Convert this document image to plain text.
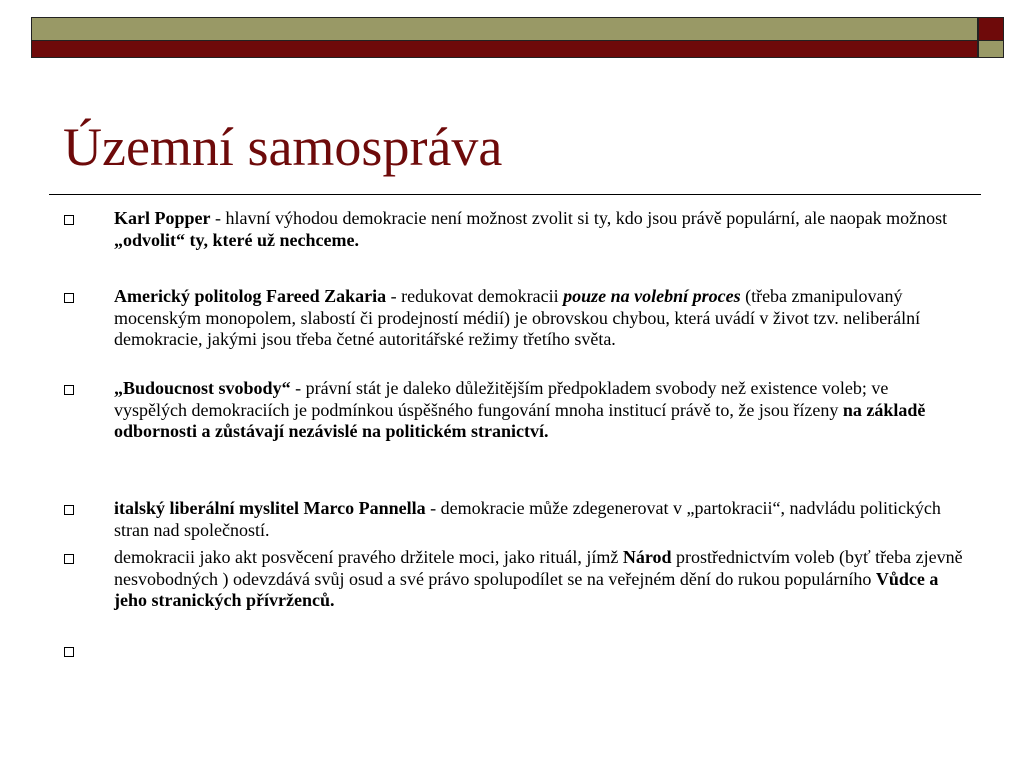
Územní samospráva
Karl Popper - hlavní výhodou demokracie není možnost zvolit si ty, kdo jsou právě populární, ale naopak možnost „odvolit“ ty, které už nechceme.
Americký politolog Fareed Zakaria - redukovat demokracii pouze na volební proces (třeba zmanipulovaný mocenským monopolem, slabostí či prodejností médií) je obrovskou chybou, která uvádí v život tzv. neliberální demokracie, jakými jsou třeba četné autoritářské režimy třetího světa.
„Budoucnost svobody“ - právní stát je daleko důležitějším předpokladem svobody než existence voleb; ve vyspělých demokraciích je podmínkou úspěšného fungování mnoha institucí právě to, že jsou řízeny na základě odbornosti a zůstávají nezávislé na politickém stranictví.
italský liberální myslitel Marco Pannella - demokracie může zdegenerovat v „partokracii“, nadvládu politických stran nad společností.
demokracii jako akt posvěcení pravého držitele moci, jako rituál, jímž Národ prostřednictvím voleb (byť třeba zjevně nesvobodných ) odevzdává svůj osud a své právo spolupodílet se na veřejném dění do rukou populárního Vůdce a jeho stranických přívrženců.
